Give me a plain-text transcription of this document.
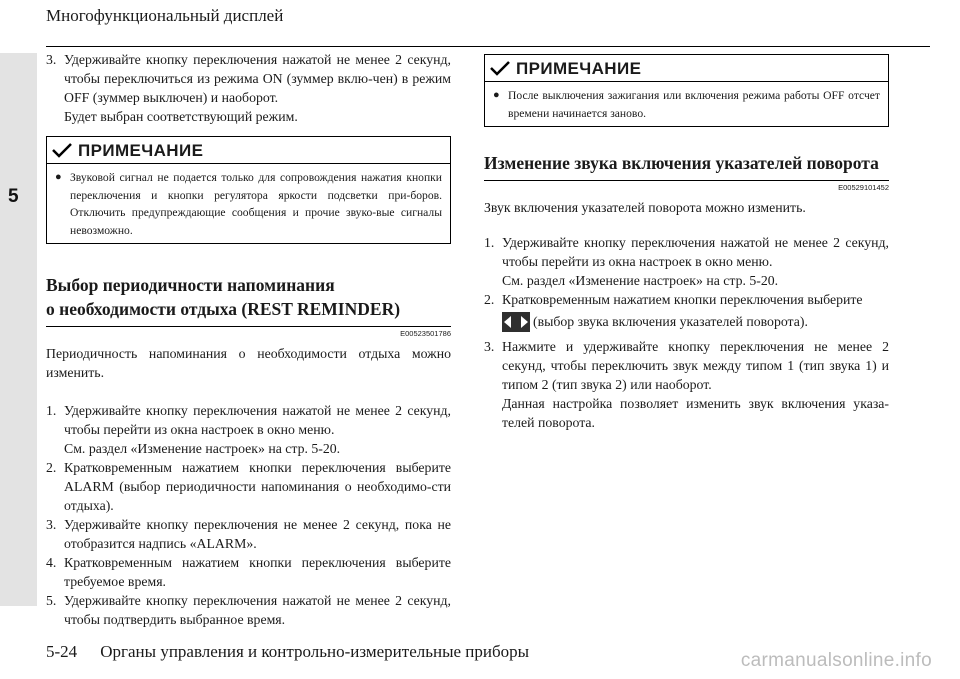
5
Многофункциональный дисплей
3. Удерживайте кнопку переключения нажатой не менее 2 секунд, чтобы переключиться из режима ON (зуммер вклю-чен) в режим OFF (зуммер выключен) и наоборот.
Будет выбран соответствующий режим.
ПРИМЕЧАНИЕ
● Звуковой сигнал не подается только для сопровождения нажатия кнопки переключения и кнопки регулятора яркости подсветки при-боров. Отключить предупреждающие сообщения и прочие звуко-вые сигналы невозможно.
Выбор периодичности напоминания
о необходимости отдыха (REST REMINDER)
E00523501786
Периодичность напоминания о необходимости отдыха можно изменить.
1. Удерживайте кнопку переключения нажатой не менее 2 секунд, чтобы перейти из окна настроек в окно меню.
См. раздел «Изменение настроек» на стр. 5-20.
2. Кратковременным нажатием кнопки переключения выберите ALARM (выбор периодичности напоминания о необходимо-сти отдыха).
3. Удерживайте кнопку переключения не менее 2 секунд, пока не отобразится надпись «ALARM».
4. Кратковременным нажатием кнопки переключения выберите требуемое время.
5. Удерживайте кнопку переключения нажатой не менее 2 секунд, чтобы подтвердить выбранное время.
ПРИМЕЧАНИЕ
● После выключения зажигания или включения режима работы OFF отсчет времени начинается заново.
Изменение звука включения указателей поворота
E00529101452
Звук включения указателей поворота можно изменить.
1. Удерживайте кнопку переключения нажатой не менее 2 секунд, чтобы перейти из окна настроек в окно меню.
См. раздел «Изменение настроек» на стр. 5-20.
2. Кратковременным нажатием кнопки переключения выберите
(выбор звука включения указателей поворота).
3. Нажмите и удерживайте кнопку переключения не менее 2 секунд, чтобы переключить звук между типом 1 (тип звука 1) и типом 2 (тип звука 2) или наоборот.
Данная настройка позволяет изменить звук включения указа-телей поворота.
5-24 Органы управления и контрольно-измерительные приборы	carmanualsonline.info
